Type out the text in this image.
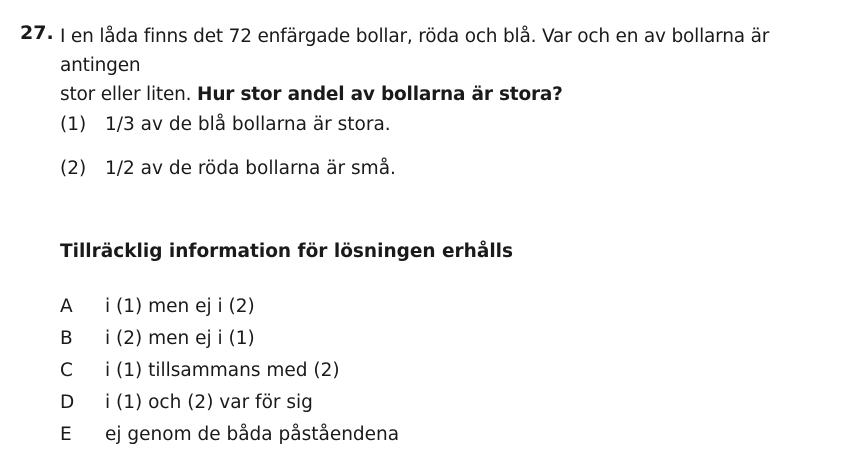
27. I en låda finns det 72 enfärgade bollar, röda och blå. Var och en av bollarna är antingen
stor eller liten. Hur stor andel av bollarna är stora?
(1) 1/3 av de blå bollarna är stora.
(2) 1/2 av de röda bollarna är små.
Tillräcklig information för lösningen erhålls
A i (1) men ej i (2)
B i (2) men ej i (1)
C i (1) tillsammans med (2)
D i (1) och (2) var för sig
E ej genom de båda påståendena
